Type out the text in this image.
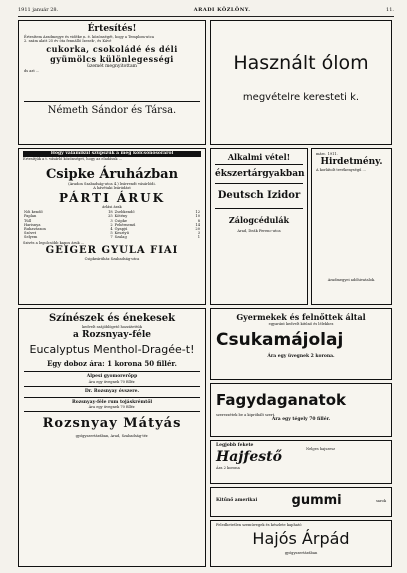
1911 január 28.	ARADI KÖZLÖNY.	11.
Értesítés!
Értesítem Aradmegye és vidéke n. é. közönségét, hogy a Templom-utca
2. szám alatt 25 év óta fennálló Ízesek-, és Kávé
cukorka, csokoládé és déli
gyümölcs különlegességi
üzemét megnyitottam
ds azt ...
Németh Sándor és Társa.
Használt ólom
megvételre keresteti k.
Hogy valamikül szüpszük a meg kölcsönösoraról
Értesítjük a t. vásárló közönséget, hogy az eladásuk ...
Csipke Áruházban
(Aradon Szabadság-utca 4.) leárrendt vásárlódi.
A hávétaki leárúdást
PÁRTI ÁRUK
árlási árak
Női kendő	18	Zsebkendő	12
Paplan	25	Kötény	10
Tüll	3	Csipke	8
Harisnya	2	Fehérnemű	14
Ruhavászon	4	Gyapjú	20
Szövet	5	Kesztyű	3
Selyem	7	Szalag	1
Szivés a legolcsóbb kapos áruk ...
GEIGER GYULA FIAI
Csipkeárúház Szabadság-utca
Alkalmi vétel!
ékszertárgyakban
Deutsch Izidor
Zálogcédulák
Arad, Deák Ferenc-utca
márc. 1911.
Hirdetmény.
A korlátolt tevékenységű ...
Aradmegyei adóhivatalok.
Gyermekek és felnőttek által
egyaránt kedvelt kitűnő és lélekhez
Csukamájolaj
Ára egy üvegnek 2 korona.
Fagydaganatok
szerezzétek be a kipróbált szert.
Ára egy tégely 70 fillér.
Legjobb fekete
Hajfestő
Ára 2 korona
Nelges hajszesz
Kitűnő amerikai	gummi	sarok
Feledhetetlen szemüvegek és készlete kapható
Hajós Árpád
gyógyszertárában
Színészek és énekesek
kedvelt szájöblögető hozzátettük
a Rozsnyay-féle
Eucalyptus Menthol-Dragée-t!
Egy doboz ára: 1 korona 50 fillér.
Alpesi gyomorerőpp
Ára egy üvegnek 70 fillér.
Dr. Rozsnyay óvszere.
Rozsnyay-féle rum tojáskrémtől
Ára egy üvegnek 70 fillér.
Rozsnyay Mátyás
gyógyszertárában, Arad, Szabadság-tér.
